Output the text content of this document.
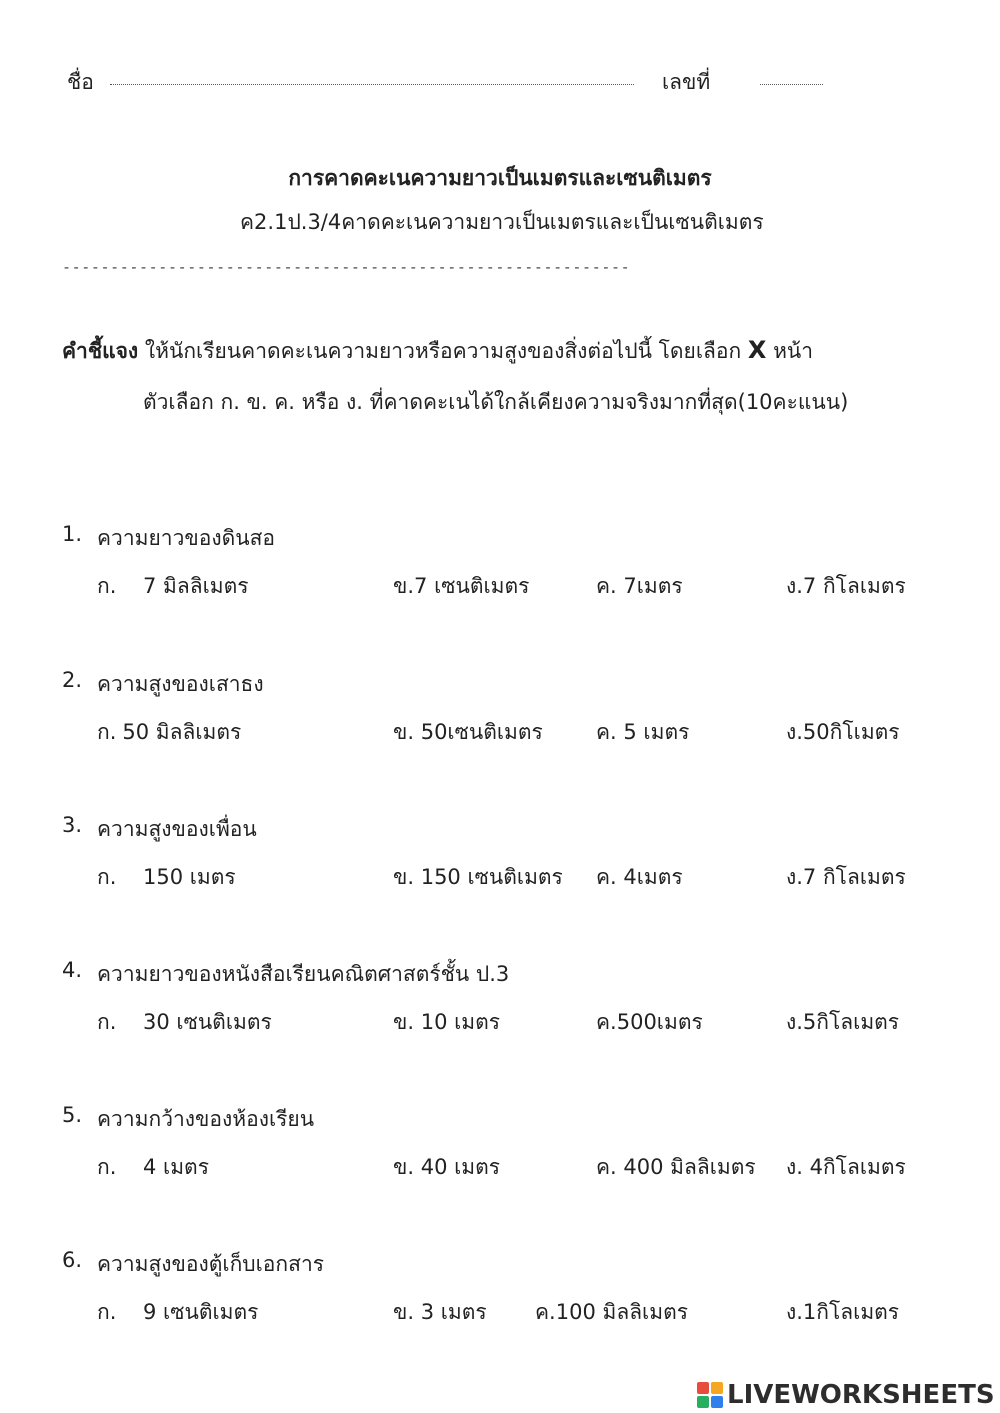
ชื่อ	เลขที่
การคาดคะเนความยาวเป็นเมตรและเซนติเมตร
ค2.1ป.3/4คาดคะเนความยาวเป็นเมตรและเป็นเซนติเมตร
-----------------------------------------------------------
คำชี้แจง ให้นักเรียนคาดคะเนความยาวหรือความสูงของสิ่งต่อไปนี้ โดยเลือก X หน้า
ตัวเลือก ก. ข. ค. หรือ ง. ที่คาดคะเนได้ใกล้เคียงความจริงมากที่สุด(10คะแนน)
1. ความยาวของดินสอ
ก. 7 มิลลิเมตร	ข.7 เซนติเมตร	ค. 7เมตร	ง.7 กิโลเมตร
2. ความสูงของเสาธง
ก. 50 มิลลิเมตร	ข. 50เซนติเมตร	ค. 5 เมตร	ง.50กิโเมตร
3. ความสูงของเพื่อน
ก. 150 เมตร	ข. 150 เซนติเมตร ค. 4เมตร	ง.7 กิโลเมตร
4. ความยาวของหนังสือเรียนคณิตศาสตร์ชั้น ป.3
ก. 30 เซนติเมตร	ข. 10 เมตร	ค.500เมตร	ง.5กิโลเมตร
5. ความกว้างของห้องเรียน
ก. 4 เมตร	ข. 40 เมตร	ค. 400 มิลลิเมตร ง. 4กิโลเมตร
6. ความสูงของตู้เก็บเอกสาร
ก. 9 เซนติเมตร	ข. 3 เมตร ค.100 มิลลิเมตร	ง.1กิโลเมตร
LIVEWORKSHEETS
